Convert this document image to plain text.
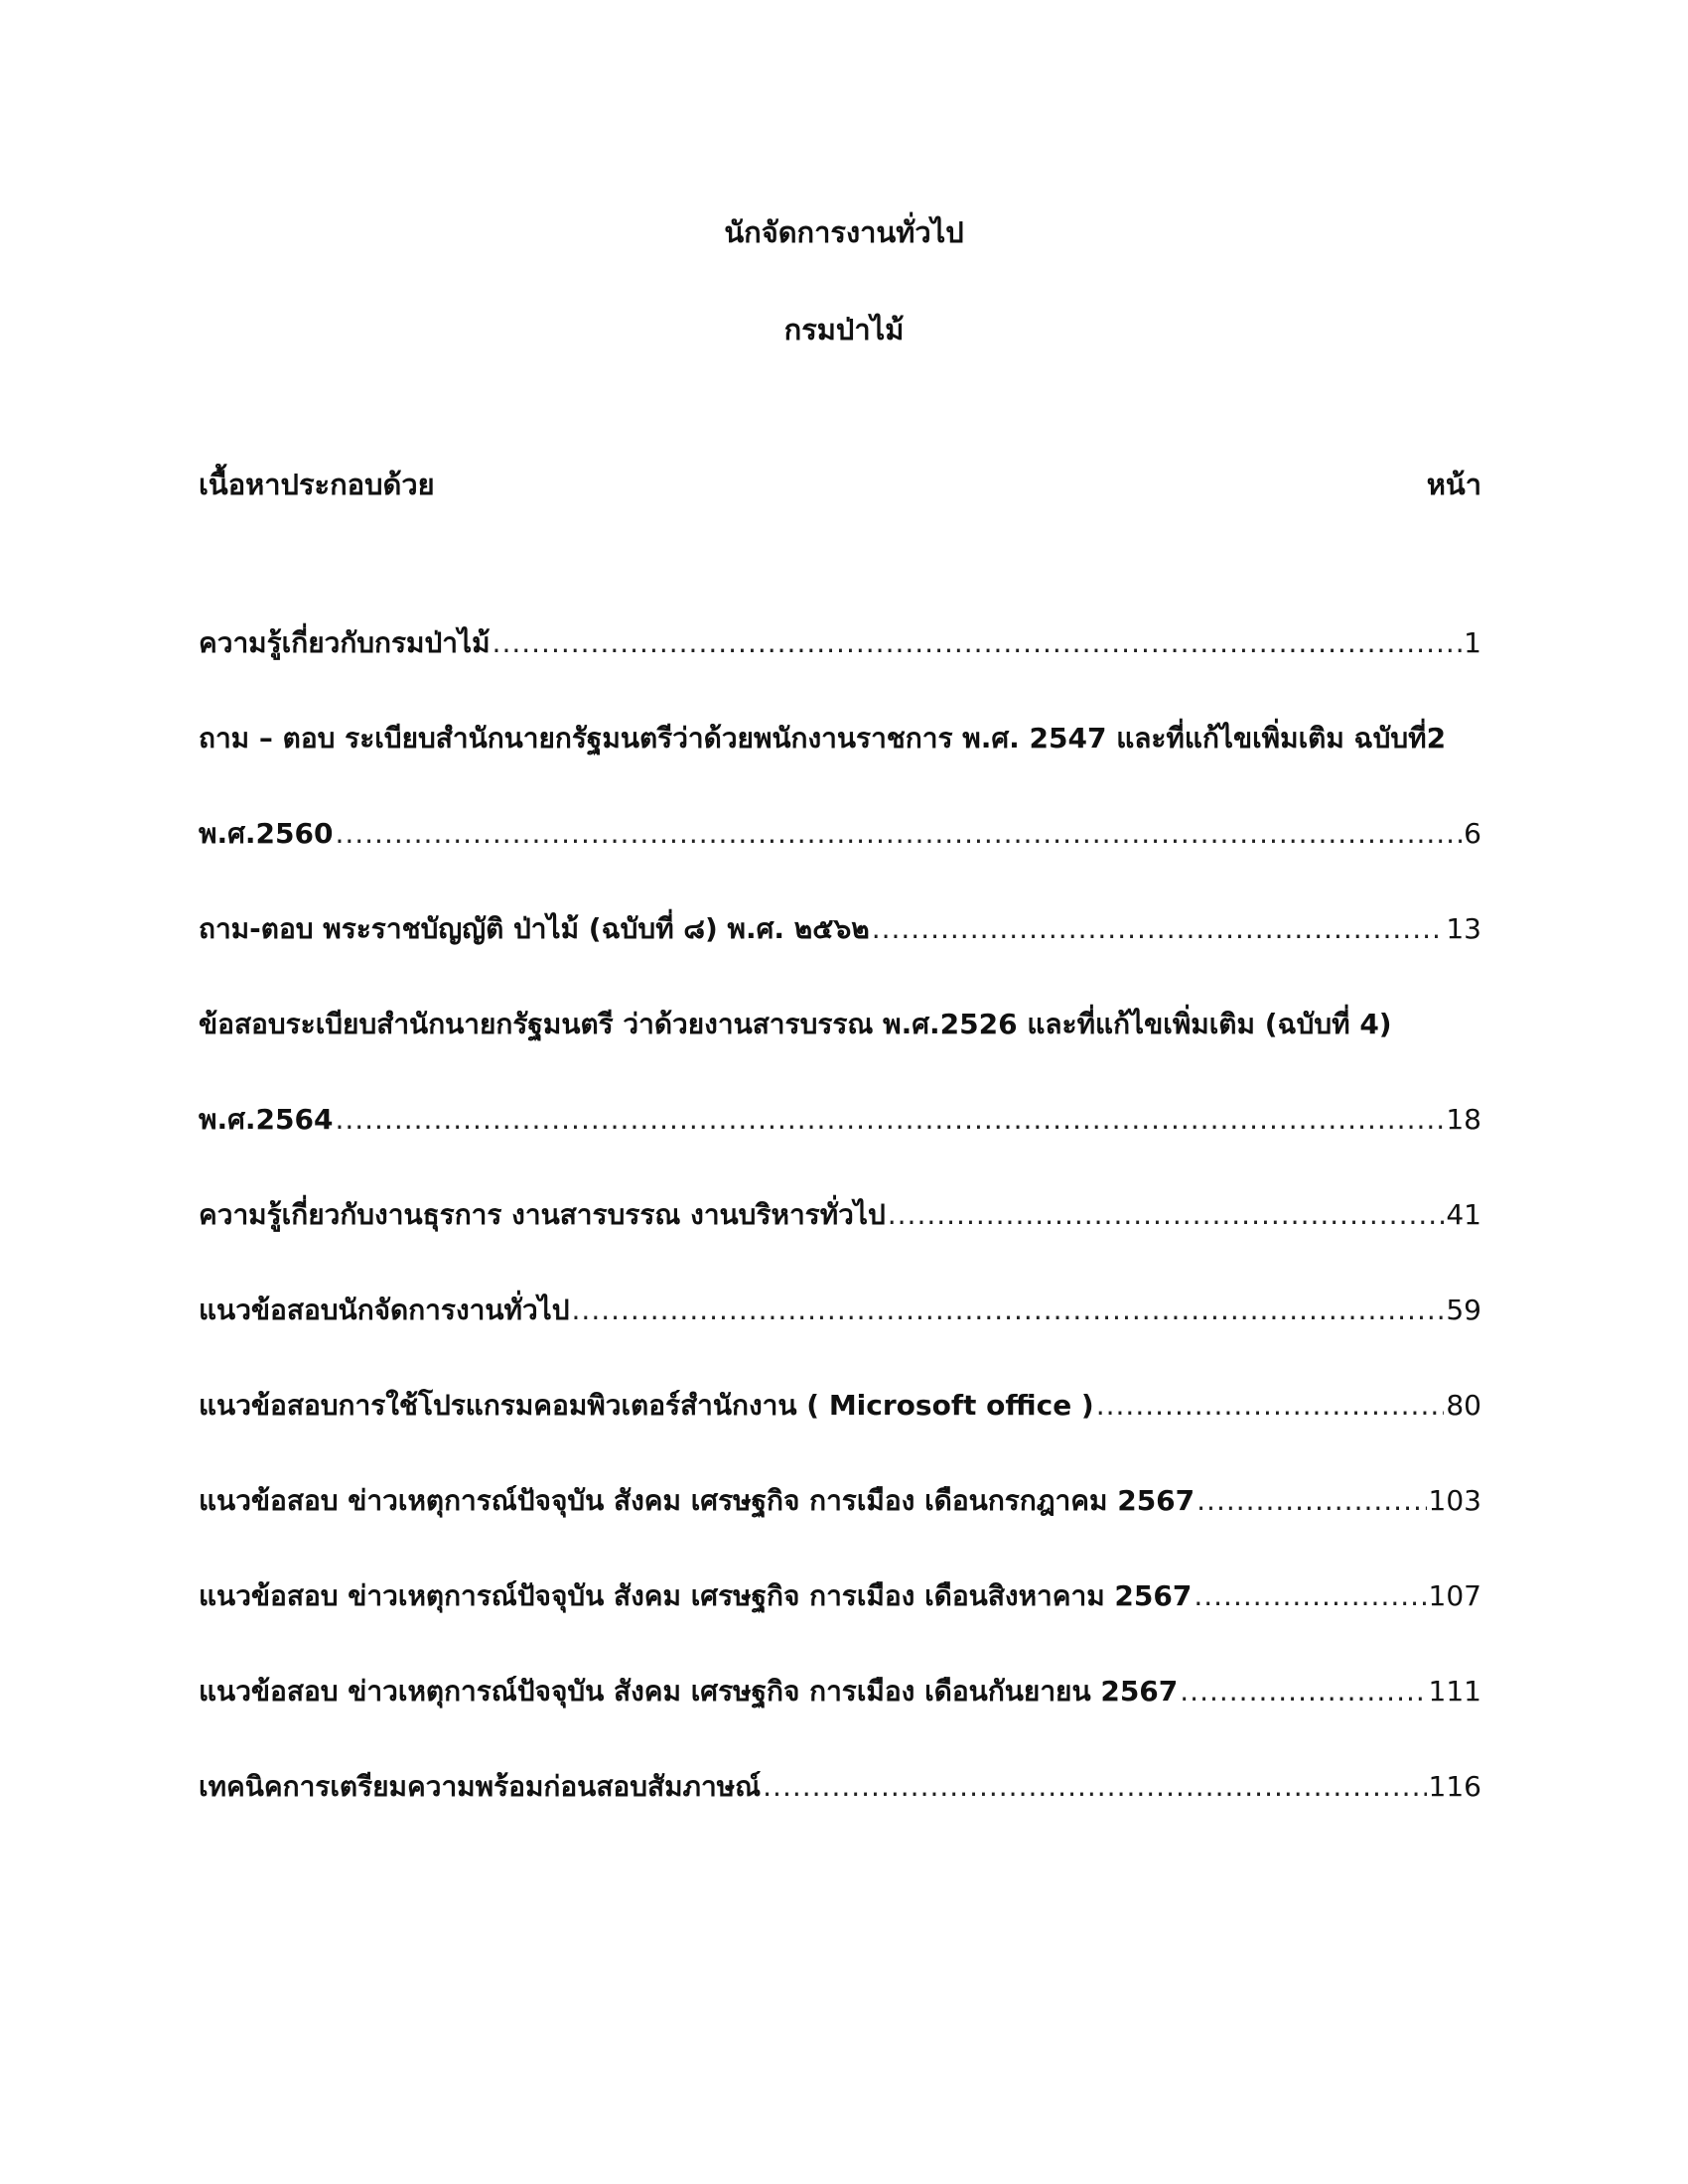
นักจัดการงานทั่วไป
กรมป่าไม้
เนื้อหาประกอบด้วย	หน้า
ความรู้เกี่ยวกับกรมป่าไม้ .....	1
ถาม – ตอบ ระเบียบสำนักนายกรัฐมนตรีว่าด้วยพนักงานราชการ พ.ศ. 2547 และที่แก้ไขเพิ่มเติม ฉบับที่2
พ.ศ.2560 .....	6
ถาม-ตอบ พระราชบัญญัติ ป่าไม้ (ฉบับที่ ๘) พ.ศ. ๒๕๖๒ .....	13
ข้อสอบระเบียบสำนักนายกรัฐมนตรี ว่าด้วยงานสารบรรณ พ.ศ.2526 และที่แก้ไขเพิ่มเติม (ฉบับที่ 4)
พ.ศ.2564 .....	18
ความรู้เกี่ยวกับงานธุรการ งานสารบรรณ งานบริหารทั่วไป .....	41
แนวข้อสอบนักจัดการงานทั่วไป .....	59
แนวข้อสอบการใช้โปรแกรมคอมพิวเตอร์สำนักงาน ( Microsoft office ) .....	80
แนวข้อสอบ ข่าวเหตุการณ์ปัจจุบัน สังคม เศรษฐกิจ การเมือง เดือนกรกฎาคม 2567 .....	103
แนวข้อสอบ ข่าวเหตุการณ์ปัจจุบัน สังคม เศรษฐกิจ การเมือง เดือนสิงหาคาม 2567 .....	107
แนวข้อสอบ ข่าวเหตุการณ์ปัจจุบัน สังคม เศรษฐกิจ การเมือง เดือนกันยายน 2567 .....	111
เทคนิคการเตรียมความพร้อมก่อนสอบสัมภาษณ์ .....	116
